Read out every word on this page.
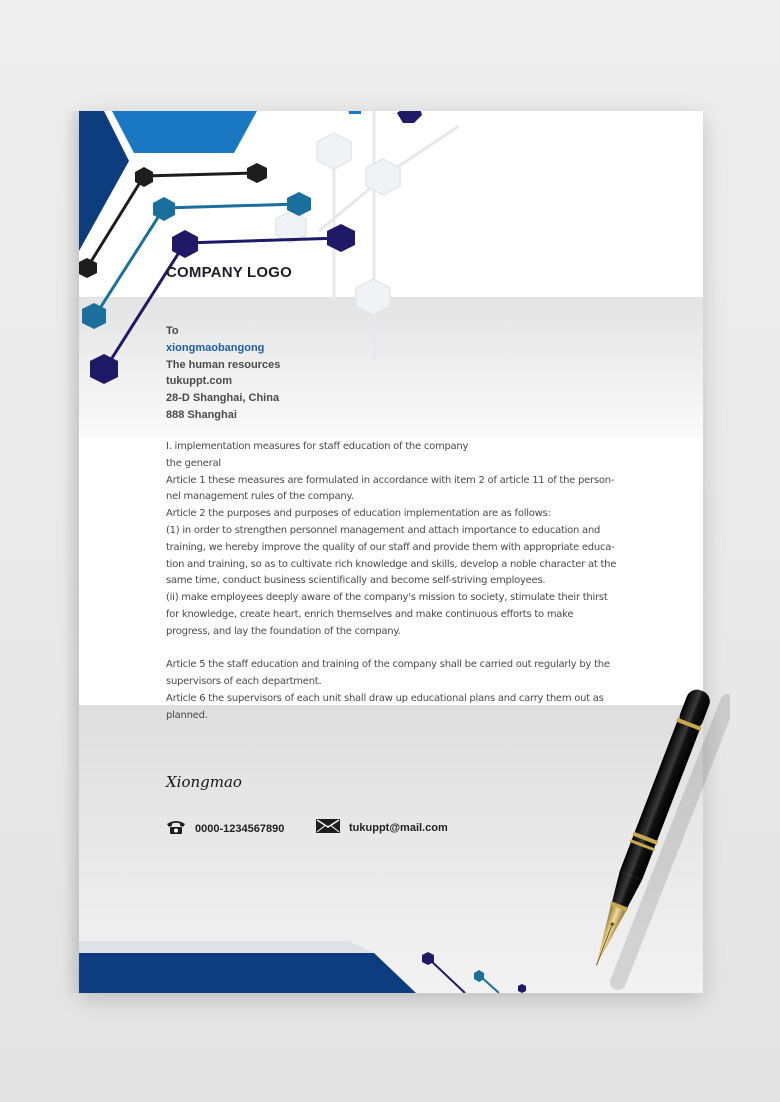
COMPANY LOGO
To
xiongmaobangong
The human resources
tukuppt.com
28-D Shanghai, China
888 Shanghai

I. implementation measures for staff education of the company

the general

Article 1 these measures are formulated in accordance with item 2 of article 11 of the person-

nel management rules of the company.

Article 2 the purposes and purposes of education implementation are as follows:

(1) in order to strengthen personnel management and attach importance to education and

training, we hereby improve the quality of our staff and provide them with appropriate educa-

tion and training, so as to cultivate rich knowledge and skills, develop a noble character at the

same time, conduct business scientifically and become self-striving employees.

(ii) make employees deeply aware of the company's mission to society, stimulate their thirst

for knowledge, create heart, enrich themselves and make continuous efforts to make

progress, and lay the foundation of the company.

Article 5 the staff education and training of the company shall be carried out regularly by the

supervisors of each department.

Article 6 the supervisors of each unit shall draw up educational plans and carry them out as

planned.

Xiongmao
0000-1234567890	tukuppt@mail.com
